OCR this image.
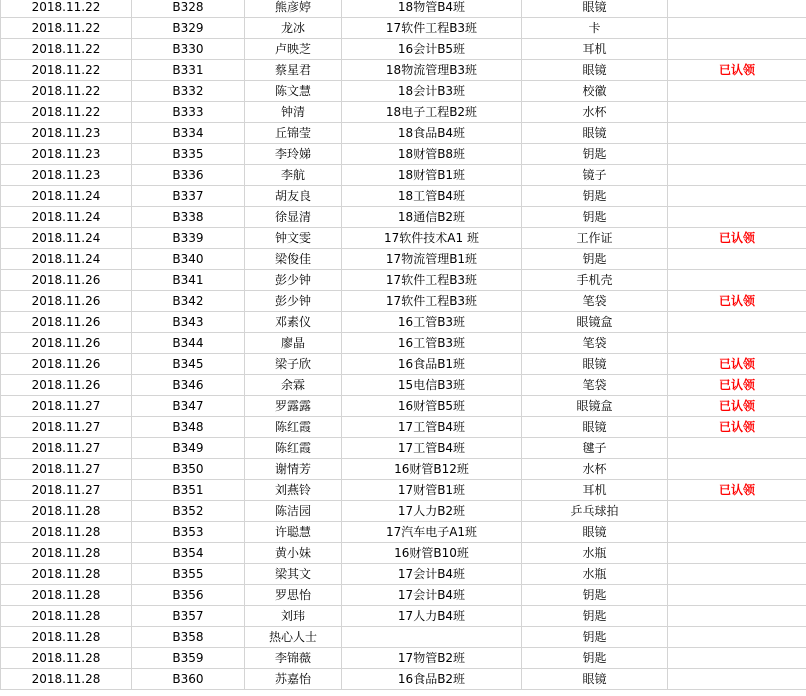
2018.11.22	B328	熊彦婷	18物管B4班	眼镜	
2018.11.22	B329	龙冰	17软件工程B3班	卡	
2018.11.22	B330	卢映芝	16会计B5班	耳机	
2018.11.22	B331	蔡星君	18物流管理B3班	眼镜	已认领
2018.11.22	B332	陈文慧	18会计B3班	校徽	
2018.11.22	B333	钟清	18电子工程B2班	水杯	
2018.11.23	B334	丘锦莹	18食品B4班	眼镜	
2018.11.23	B335	李玲娣	18财管B8班	钥匙	
2018.11.23	B336	李航	18财管B1班	镜子	
2018.11.24	B337	胡友良	18工管B4班	钥匙	
2018.11.24	B338	徐显清	18通信B2班	钥匙	
2018.11.24	B339	钟文雯	17软件技术A1 班	工作证	已认领
2018.11.24	B340	梁俊佳	17物流管理B1班	钥匙	
2018.11.26	B341	彭少钟	17软件工程B3班	手机壳	
2018.11.26	B342	彭少钟	17软件工程B3班	笔袋	已认领
2018.11.26	B343	邓素仪	16工管B3班	眼镜盒	
2018.11.26	B344	廖晶	16工管B3班	笔袋	
2018.11.26	B345	梁子欣	16食品B1班	眼镜	已认领
2018.11.26	B346	余霖	15电信B3班	笔袋	已认领
2018.11.27	B347	罗露露	16财管B5班	眼镜盒	已认领
2018.11.27	B348	陈红霞	17工管B4班	眼镜	已认领
2018.11.27	B349	陈红霞	17工管B4班	毽子	
2018.11.27	B350	谢情芳	16财管B12班	水杯	
2018.11.27	B351	刘燕铃	17财管B1班	耳机	已认领
2018.11.28	B352	陈洁园	17人力B2班	乒乓球拍	
2018.11.28	B353	许聪慧	17汽车电子A1班	眼镜	
2018.11.28	B354	黄小妹	16财管B10班	水瓶	
2018.11.28	B355	梁其文	17会计B4班	水瓶	
2018.11.28	B356	罗思怡	17会计B4班	钥匙	
2018.11.28	B357	刘玮	17人力B4班	钥匙	
2018.11.28	B358	热心人士		钥匙	
2018.11.28	B359	李锦薇	17物管B2班	钥匙	
2018.11.28	B360	苏嘉怡	16食品B2班	眼镜	
